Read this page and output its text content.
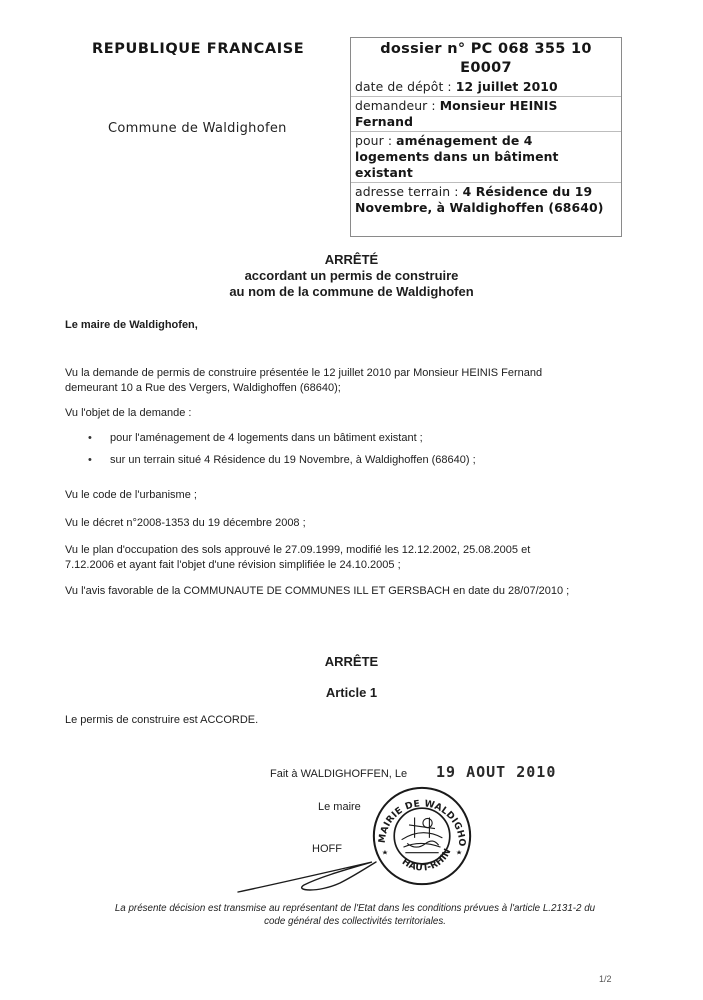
REPUBLIQUE FRANCAISE
Commune de Waldighofen
dossier n° PC 068 355 10
E0007
date de dépôt : 12 juillet 2010
demandeur : Monsieur HEINIS
Fernand
pour : aménagement de 4
logements dans un bâtiment
existant
adresse terrain : 4 Résidence du 19
Novembre, à Waldighoffen (68640)
ARRÊTÉ
accordant un permis de construire
au nom de la commune de Waldighofen
Le maire de Waldighofen,
Vu la demande de permis de construire présentée le 12 juillet 2010 par Monsieur HEINIS Fernand
demeurant 10 a Rue des Vergers, Waldighoffen (68640);
Vu l'objet de la demande :
• pour l'aménagement de 4 logements dans un bâtiment existant ;
• sur un terrain situé 4 Résidence du 19 Novembre, à Waldighoffen (68640) ;
Vu le code de l'urbanisme ;
Vu le décret n°2008-1353 du 19 décembre 2008 ;
Vu le plan d'occupation des sols approuvé le 27.09.1999, modifié les 12.12.2002, 25.08.2005 et
7.12.2006 et ayant fait l'objet d'une révision simplifiée le 24.10.2005 ;
Vu l'avis favorable de la COMMUNAUTE DE COMMUNES ILL ET GERSBACH en date du 28/07/2010 ;
ARRÊTE
Article 1
Le permis de construire est ACCORDE.
Fait à WALDIGHOFFEN, Le 19 AOUT 2010
Le maire
HOFF
MAIRIE DE WALDIGHOFFEN
HAUT-RHIN
La présente décision est transmise au représentant de l'Etat dans les conditions prévues à l'article L.2131-2 du
code général des collectivités territoriales.
1/2
